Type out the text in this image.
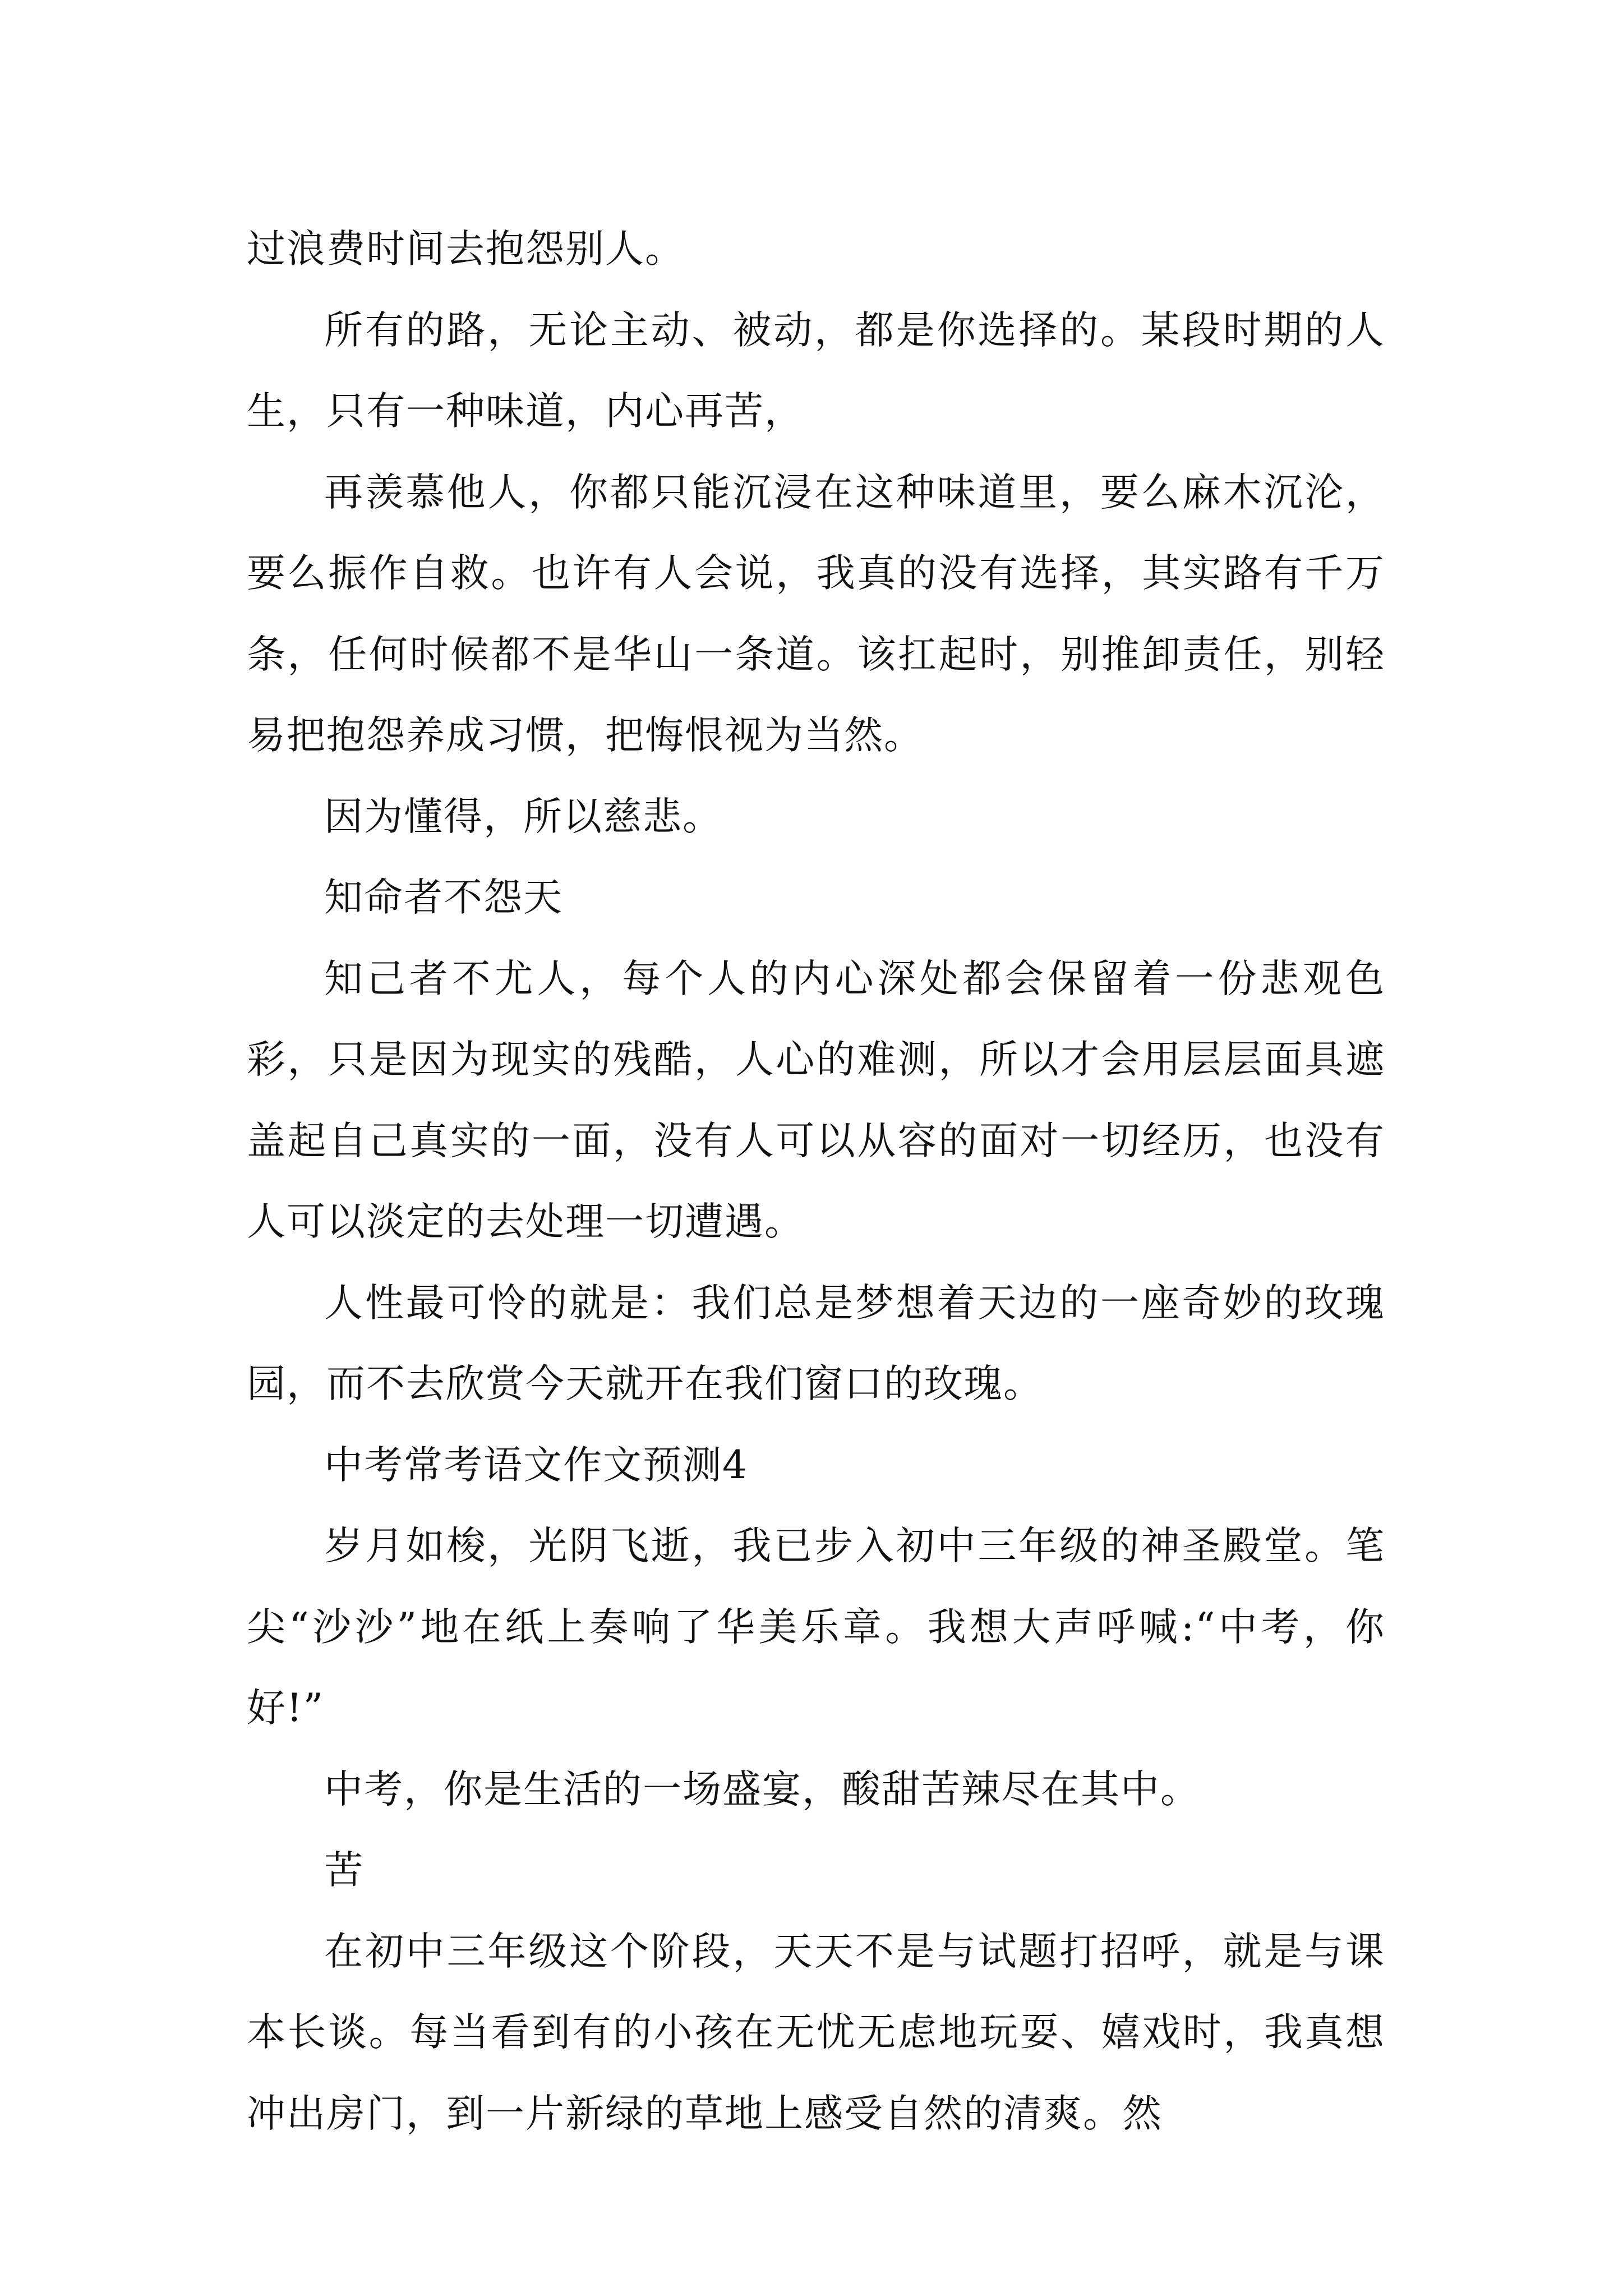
过浪费时间去抱怨别人。

所有的路，无论主动、被动，都是你选择的。某段时期的人生，只有一种味道，内心再苦，

再羡慕他人，你都只能沉浸在这种味道里，要么麻木沉沦，要么振作自救。也许有人会说，我真的没有选择，其实路有千万条，任何时候都不是华山一条道。该扛起时，别推卸责任，别轻易把抱怨养成习惯，把悔恨视为当然。

因为懂得，所以慈悲。

知命者不怨天

知己者不尤人，每个人的内心深处都会保留着一份悲观色彩，只是因为现实的残酷，人心的难测，所以才会用层层面具遮盖起自己真实的一面，没有人可以从容的面对一切经历，也没有人可以淡定的去处理一切遭遇。

人性最可怜的就是：我们总是梦想着天边的一座奇妙的玫瑰园，而不去欣赏今天就开在我们窗口的玫瑰。

中考常考语文作文预测4

岁月如梭，光阴飞逝，我已步入初中三年级的神圣殿堂。笔尖“沙沙”地在纸上奏响了华美乐章。我想大声呼喊:“中考，你好!”

中考，你是生活的一场盛宴，酸甜苦辣尽在其中。

苦

在初中三年级这个阶段，天天不是与试题打招呼，就是与课本长谈。每当看到有的小孩在无忧无虑地玩耍、嬉戏时，我真想冲出房门，到一片新绿的草地上感受自然的清爽。然
